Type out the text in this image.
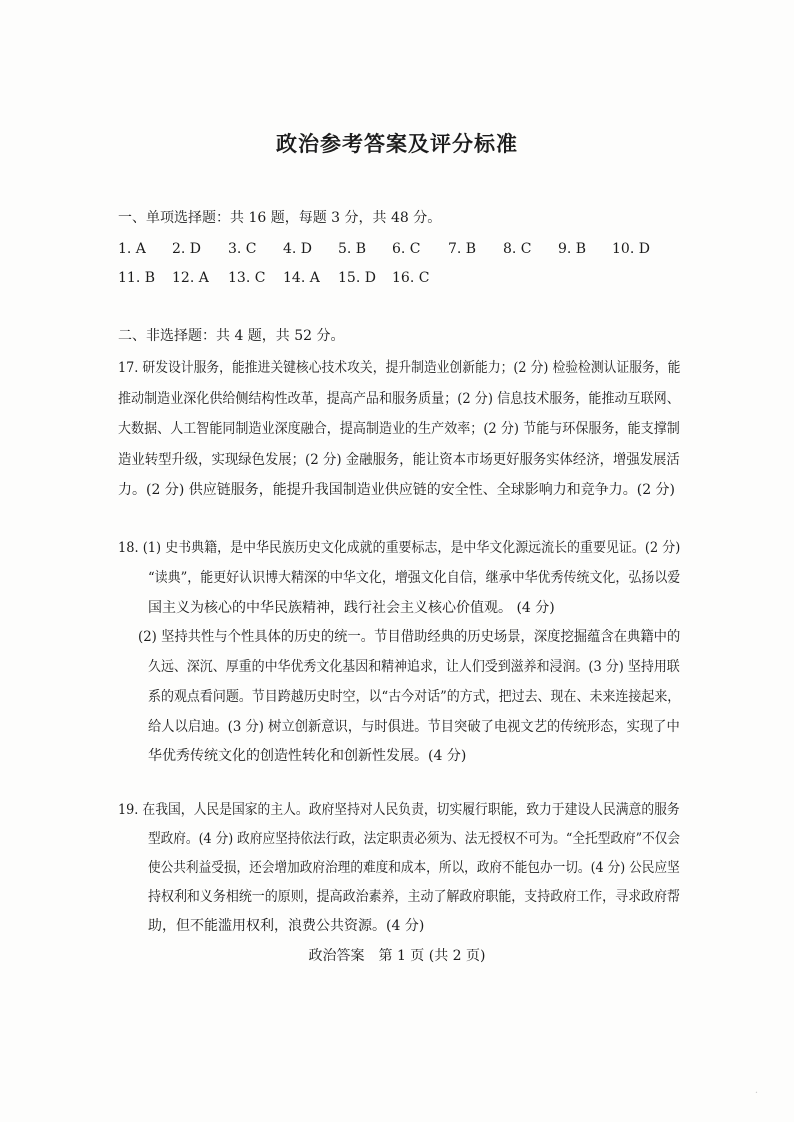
政治参考答案及评分标准
一、单项选择题：共 16 题，每题 3 分，共 48 分。
1. A 2. D 3. C 4. D 5. B 6. C 7. B 8. C 9. B 10. D
11. B 12. A 13. C 14. A 15. D 16. C
二、非选择题：共 4 题，共 52 分。
17. 研发设计服务，能推进关键核心技术攻关，提升制造业创新能力；(2 分) 检验检测认证服务，能
推动制造业深化供给侧结构性改革，提高产品和服务质量；(2 分) 信息技术服务，能推动互联网、
大数据、人工智能同制造业深度融合，提高制造业的生产效率；(2 分) 节能与环保服务，能支撑制
造业转型升级，实现绿色发展；(2 分) 金融服务，能让资本市场更好服务实体经济，增强发展活
力。(2 分) 供应链服务，能提升我国制造业供应链的安全性、全球影响力和竞争力。(2 分)
18. (1) 史书典籍，是中华民族历史文化成就的重要标志，是中华文化源远流长的重要见证。(2 分)
“读典”，能更好认识博大精深的中华文化，增强文化自信，继承中华优秀传统文化，弘扬以爱
国主义为核心的中华民族精神，践行社会主义核心价值观。 (4 分)
(2) 坚持共性与个性具体的历史的统一。节目借助经典的历史场景，深度挖掘蕴含在典籍中的
久远、深沉、厚重的中华优秀文化基因和精神追求，让人们受到滋养和浸润。(3 分) 坚持用联
系的观点看问题。节目跨越历史时空，以“古今对话”的方式，把过去、现在、未来连接起来，
给人以启迪。(3 分) 树立创新意识，与时俱进。节目突破了电视文艺的传统形态，实现了中
华优秀传统文化的创造性转化和创新性发展。(4 分)
19. 在我国，人民是国家的主人。政府坚持对人民负责，切实履行职能，致力于建设人民满意的服务
型政府。(4 分) 政府应坚持依法行政，法定职责必须为、法无授权不可为。“全托型政府”不仅会
使公共利益受损，还会增加政府治理的难度和成本，所以，政府不能包办一切。(4 分) 公民应坚
持权利和义务相统一的原则，提高政治素养，主动了解政府职能，支持政府工作，寻求政府帮
助，但不能滥用权利，浪费公共资源。(4 分)
政治答案　第 1 页 (共 2 页)
·
